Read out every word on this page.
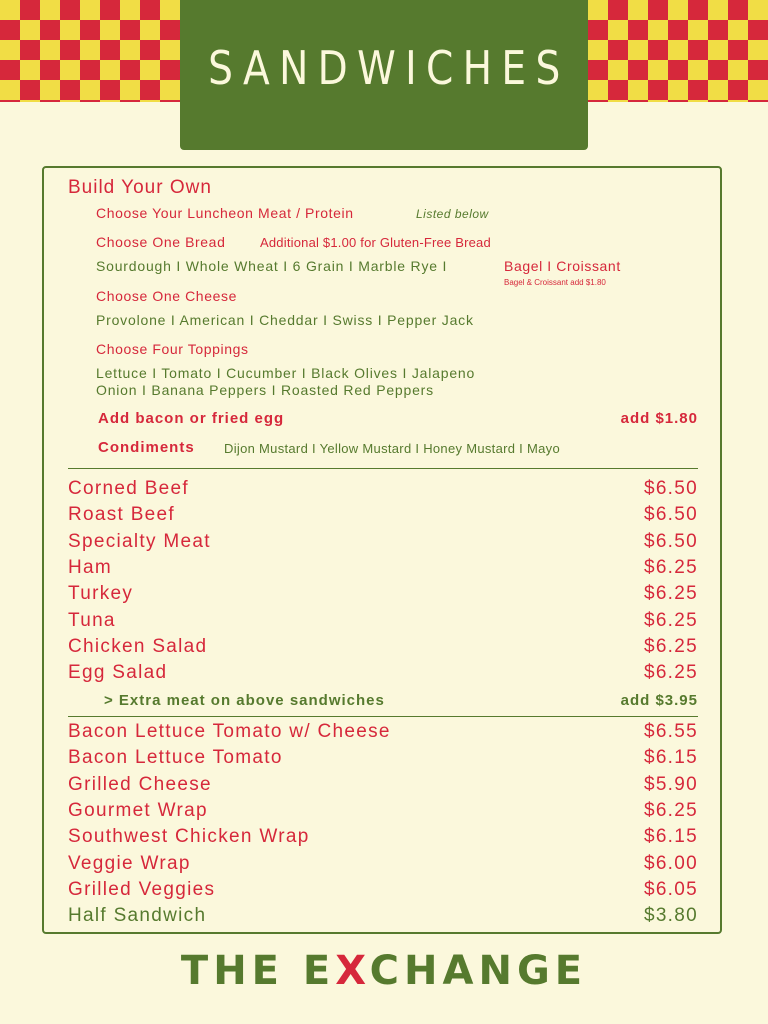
SANDWICHES
Build Your Own
Choose Your Luncheon Meat / Protein	Listed below
Choose One Bread	Additional $1.00 for Gluten-Free Bread
Sourdough I Whole Wheat I 6 Grain I Marble Rye I	Bagel I Croissant
Bagel & Croissant add $1.80
Choose One Cheese
Provolone I American I Cheddar I Swiss I Pepper Jack
Choose Four Toppings
Lettuce I Tomato I Cucumber I Black Olives I Jalapeno
Onion I Banana Peppers I Roasted Red Peppers
Add bacon or fried egg	add $1.80
Condiments Dijon Mustard I Yellow Mustard I Honey Mustard I Mayo
Corned Beef	$6.50
Roast Beef	$6.50
Specialty Meat	$6.50
Ham	$6.25
Turkey	$6.25
Tuna	$6.25
Chicken Salad	$6.25
Egg Salad	$6.25
> Extra meat on above sandwiches	add $3.95
Bacon Lettuce Tomato w/ Cheese	$6.55
Bacon Lettuce Tomato	$6.15
Grilled Cheese	$5.90
Gourmet Wrap	$6.25
Southwest Chicken Wrap	$6.15
Veggie Wrap	$6.00
Grilled Veggies	$6.05
Half Sandwich	$3.80
THE EXCHANGE
